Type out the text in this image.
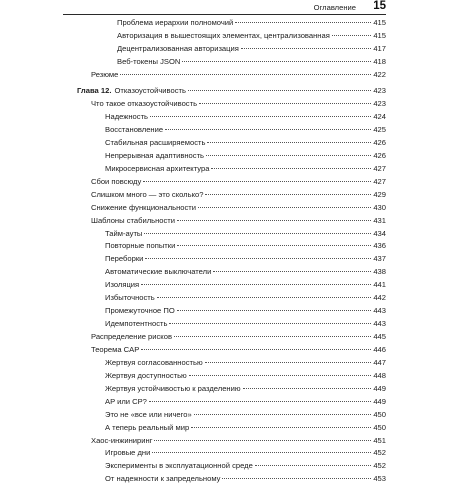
Оглавление 15
Проблема иерархии полномочий	415
Авторизация в вышестоящих элементах, централизованная	415
Децентрализованная авторизация	417
Веб-токены JSON	418
Резюме	422
Глава 12. Отказоустойчивость	423
Что такое отказоустойчивость	423
Надежность	424
Восстановление	425
Стабильная расширяемость	426
Непрерывная адаптивность	426
Микросервисная архитектура	427
Сбои повсюду	427
Слишком много — это сколько?	429
Снижение функциональности	430
Шаблоны стабильности	431
Тайм-ауты	434
Повторные попытки	436
Переборки	437
Автоматические выключатели	438
Изоляция	441
Избыточность	442
Промежуточное ПО	443
Идемпотентность	443
Распределение рисков	445
Теорема CAP	446
Жертвуя согласованностью	447
Жертвуя доступностью	448
Жертвуя устойчивостью к разделению	449
AP или CP?	449
Это не «все или ничего»	450
А теперь реальный мир	450
Хаос-инжиниринг	451
Игровые дни	452
Эксперименты в эксплуатационной среде	452
От надежности к запредельному	453
